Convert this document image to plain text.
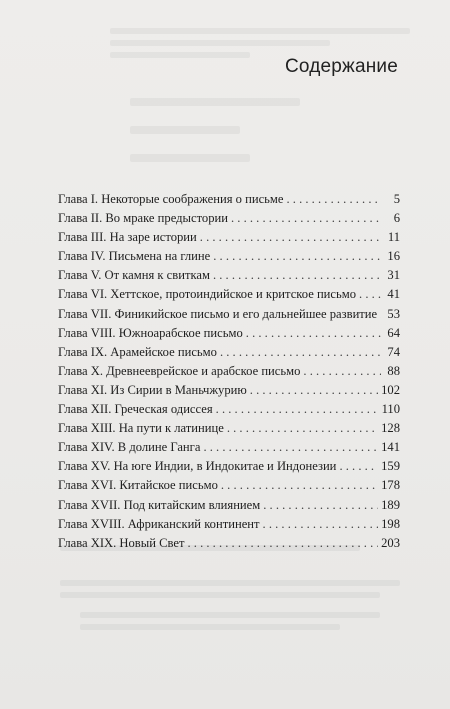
Содержание
Глава I. Некоторые соображения о письме . . .	5
Глава II. Во мраке предыстории . . .	6
Глава III. На заре истории . . .	11
Глава IV. Письмена на глине . . .	16
Глава V. От камня к свиткам . . .	31
Глава VI. Хеттское, протоиндийское и критское письмо . . . 41
Глава VII. Финикийское письмо и его дальнейшее развитие . . . 53
Глава VIII. Южноарабское письмо . . .	64
Глава IX. Арамейское письмо . . .	74
Глава X. Древнееврейское и арабское письмо . . .	88
Глава XI. Из Сирии в Маньчжурию . . .	102
Глава XII. Греческая одиссея . . .	110
Глава XIII. На пути к латинице . . .	128
Глава XIV. В долине Ганга . . .	141
Глава XV. На юге Индии, в Индокитае и Индонезии . . .	159
Глава XVI. Китайское письмо . . .	178
Глава XVII. Под китайским влиянием . . .	189
Глава XVIII. Африканский континент . . .	198
Глава XIX. Новый Свет . . .	203
